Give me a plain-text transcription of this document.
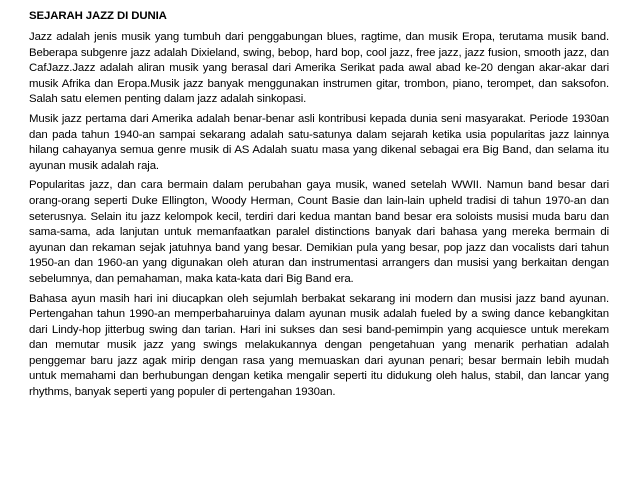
SEJARAH JAZZ DI DUNIA

Jazz adalah jenis musik yang tumbuh dari penggabungan blues, ragtime, dan musik Eropa, terutama musik band. Beberapa subgenre jazz adalah Dixieland, swing, bebop, hard bop, cool jazz, free jazz, jazz fusion, smooth jazz, dan CafJazz.Jazz adalah aliran musik yang berasal dari Amerika Serikat pada awal abad ke-20 dengan akar-akar dari musik Afrika dan Eropa.Musik jazz banyak menggunakan instrumen gitar, trombon, piano, terompet, dan saksofon. Salah satu elemen penting dalam jazz adalah sinkopasi.

Musik jazz pertama dari Amerika adalah benar-benar asli kontribusi kepada dunia seni masyarakat. Periode 1930an dan pada tahun 1940-an sampai sekarang adalah satu-satunya dalam sejarah ketika usia popularitas jazz lainnya hilang cahayanya semua genre musik di AS Adalah suatu masa yang dikenal sebagai era Big Band, dan selama itu ayunan musik adalah raja.

Popularitas jazz, dan cara bermain dalam perubahan gaya musik, waned setelah WWII. Namun band besar dari orang-orang seperti Duke Ellington, Woody Herman, Count Basie dan lain-lain upheld tradisi di tahun 1970-an dan seterusnya. Selain itu jazz kelompok kecil, terdiri dari kedua mantan band besar era soloists musisi muda baru dan sama-sama, ada lanjutan untuk memanfaatkan paralel distinctions banyak dari bahasa yang mereka bermain di ayunan dan rekaman sejak jatuhnya band yang besar. Demikian pula yang besar, pop jazz dan vocalists dari tahun 1950-an dan 1960-an yang digunakan oleh aturan dan instrumentasi arrangers dan musisi yang berkaitan dengan sebelumnya, dan pemahaman, maka kata-kata dari Big Band era.

Bahasa ayun masih hari ini diucapkan oleh sejumlah berbakat sekarang ini modern dan musisi jazz band ayunan. Pertengahan tahun 1990-an memperbaharuinya dalam ayunan musik adalah fueled by a swing dance kebangkitan dari Lindy-hop jitterbug swing dan tarian. Hari ini sukses dan sesi band-pemimpin yang acquiesce untuk merekam dan memutar musik jazz yang swings melakukannya dengan pengetahuan yang menarik perhatian adalah penggemar baru jazz agak mirip dengan rasa yang memuaskan dari ayunan penari; besar bermain lebih mudah untuk memahami dan berhubungan dengan ketika mengalir seperti itu didukung oleh halus, stabil, dan lancar yang rhythms, banyak seperti yang populer di pertengahan 1930an.
